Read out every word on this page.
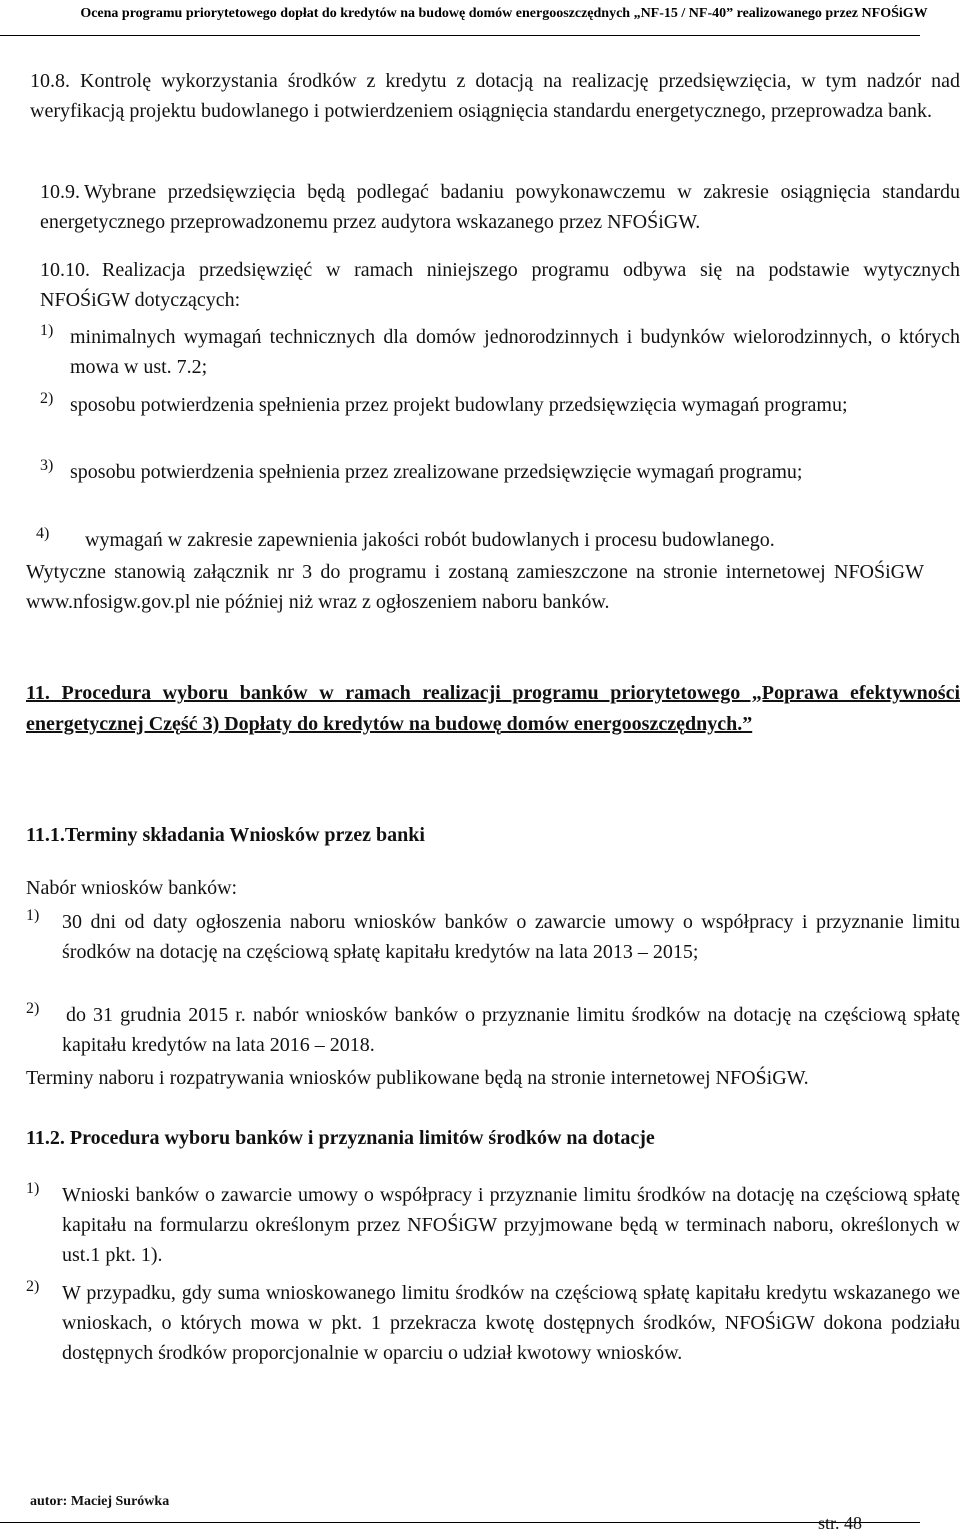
Ocena programu priorytetowego dopłat do kredytów na budowę domów energooszczędnych „NF-15 / NF-40” realizowanego przez NFOŚiGW
10.8. Kontrolę wykorzystania środków z kredytu z dotacją na realizację przedsięwzięcia, w tym nadzór nad weryfikacją projektu budowlanego i potwierdzeniem osiągnięcia standardu energetycznego, przeprowadza bank.
10.9. Wybrane przedsięwzięcia będą podlegać badaniu powykonawczemu w zakresie osiągnięcia standardu energetycznego przeprowadzonemu przez audytora wskazanego przez NFOŚiGW.
10.10. Realizacja przedsięwzięć w ramach niniejszego programu odbywa się na podstawie wytycznych NFOŚiGW dotyczących:
1) minimalnych wymagań technicznych dla domów jednorodzinnych i budynków wielorodzinnych, o których mowa w ust. 7.2;
2) sposobu potwierdzenia spełnienia przez projekt budowlany przedsięwzięcia wymagań programu;
3) sposobu potwierdzenia spełnienia przez zrealizowane przedsięwzięcie wymagań programu;
4) wymagań w zakresie zapewnienia jakości robót budowlanych i procesu budowlanego.
Wytyczne stanowią załącznik nr 3 do programu i zostaną zamieszczone na stronie internetowej NFOŚiGW www.nfosigw.gov.pl nie później niż wraz z ogłoszeniem naboru banków.
11. Procedura wyboru banków w ramach realizacji programu priorytetowego „Poprawa efektywności energetycznej Część 3) Dopłaty do kredytów na budowę domów energooszczędnych.”
11.1.Terminy składania Wniosków przez banki
Nabór wniosków banków:
1) 30 dni od daty ogłoszenia naboru wniosków banków o zawarcie umowy o współpracy i przyznanie limitu środków na dotację na częściową spłatę kapitału kredytów na lata 2013 – 2015;
2) do 31 grudnia 2015 r. nabór wniosków banków o przyznanie limitu środków na dotację na częściową spłatę kapitału kredytów na lata 2016 – 2018.
Terminy naboru i rozpatrywania wniosków publikowane będą na stronie internetowej NFOŚiGW.
11.2. Procedura wyboru banków i przyznania limitów środków na dotacje
1) Wnioski banków o zawarcie umowy o współpracy i przyznanie limitu środków na dotację na częściową spłatę kapitału na formularzu określonym przez NFOŚiGW przyjmowane będą w terminach naboru, określonych w ust.1 pkt. 1).
2) W przypadku, gdy suma wnioskowanego limitu środków na częściową spłatę kapitału kredytu wskazanego we wnioskach, o których mowa w pkt. 1 przekracza kwotę dostępnych środków, NFOŚiGW dokona podziału dostępnych środków proporcjonalnie w oparciu o udział kwotowy wniosków.
autor: Maciej Surówka
str. 48
